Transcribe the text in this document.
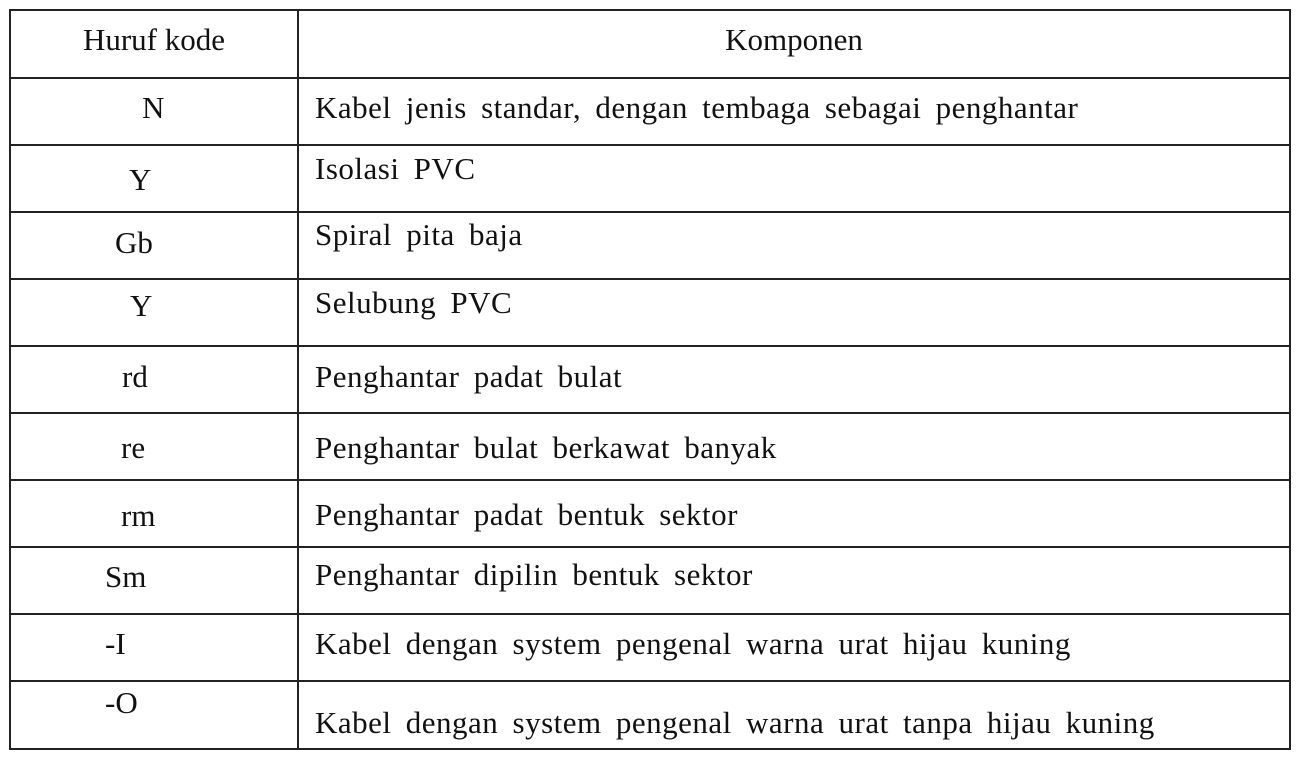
Huruf kode	Komponen

N	Kabel jenis standar, dengan tembaga sebagai penghantar

Y	Isolasi PVC

Gb	Spiral pita baja

Y	Selubung PVC

rd	Penghantar padat bulat

re	Penghantar bulat berkawat banyak

rm	Penghantar padat bentuk sektor

Sm	Penghantar dipilin bentuk sektor

-I	Kabel dengan system pengenal warna urat hijau kuning

-O	Kabel dengan system pengenal warna urat tanpa hijau kuning
